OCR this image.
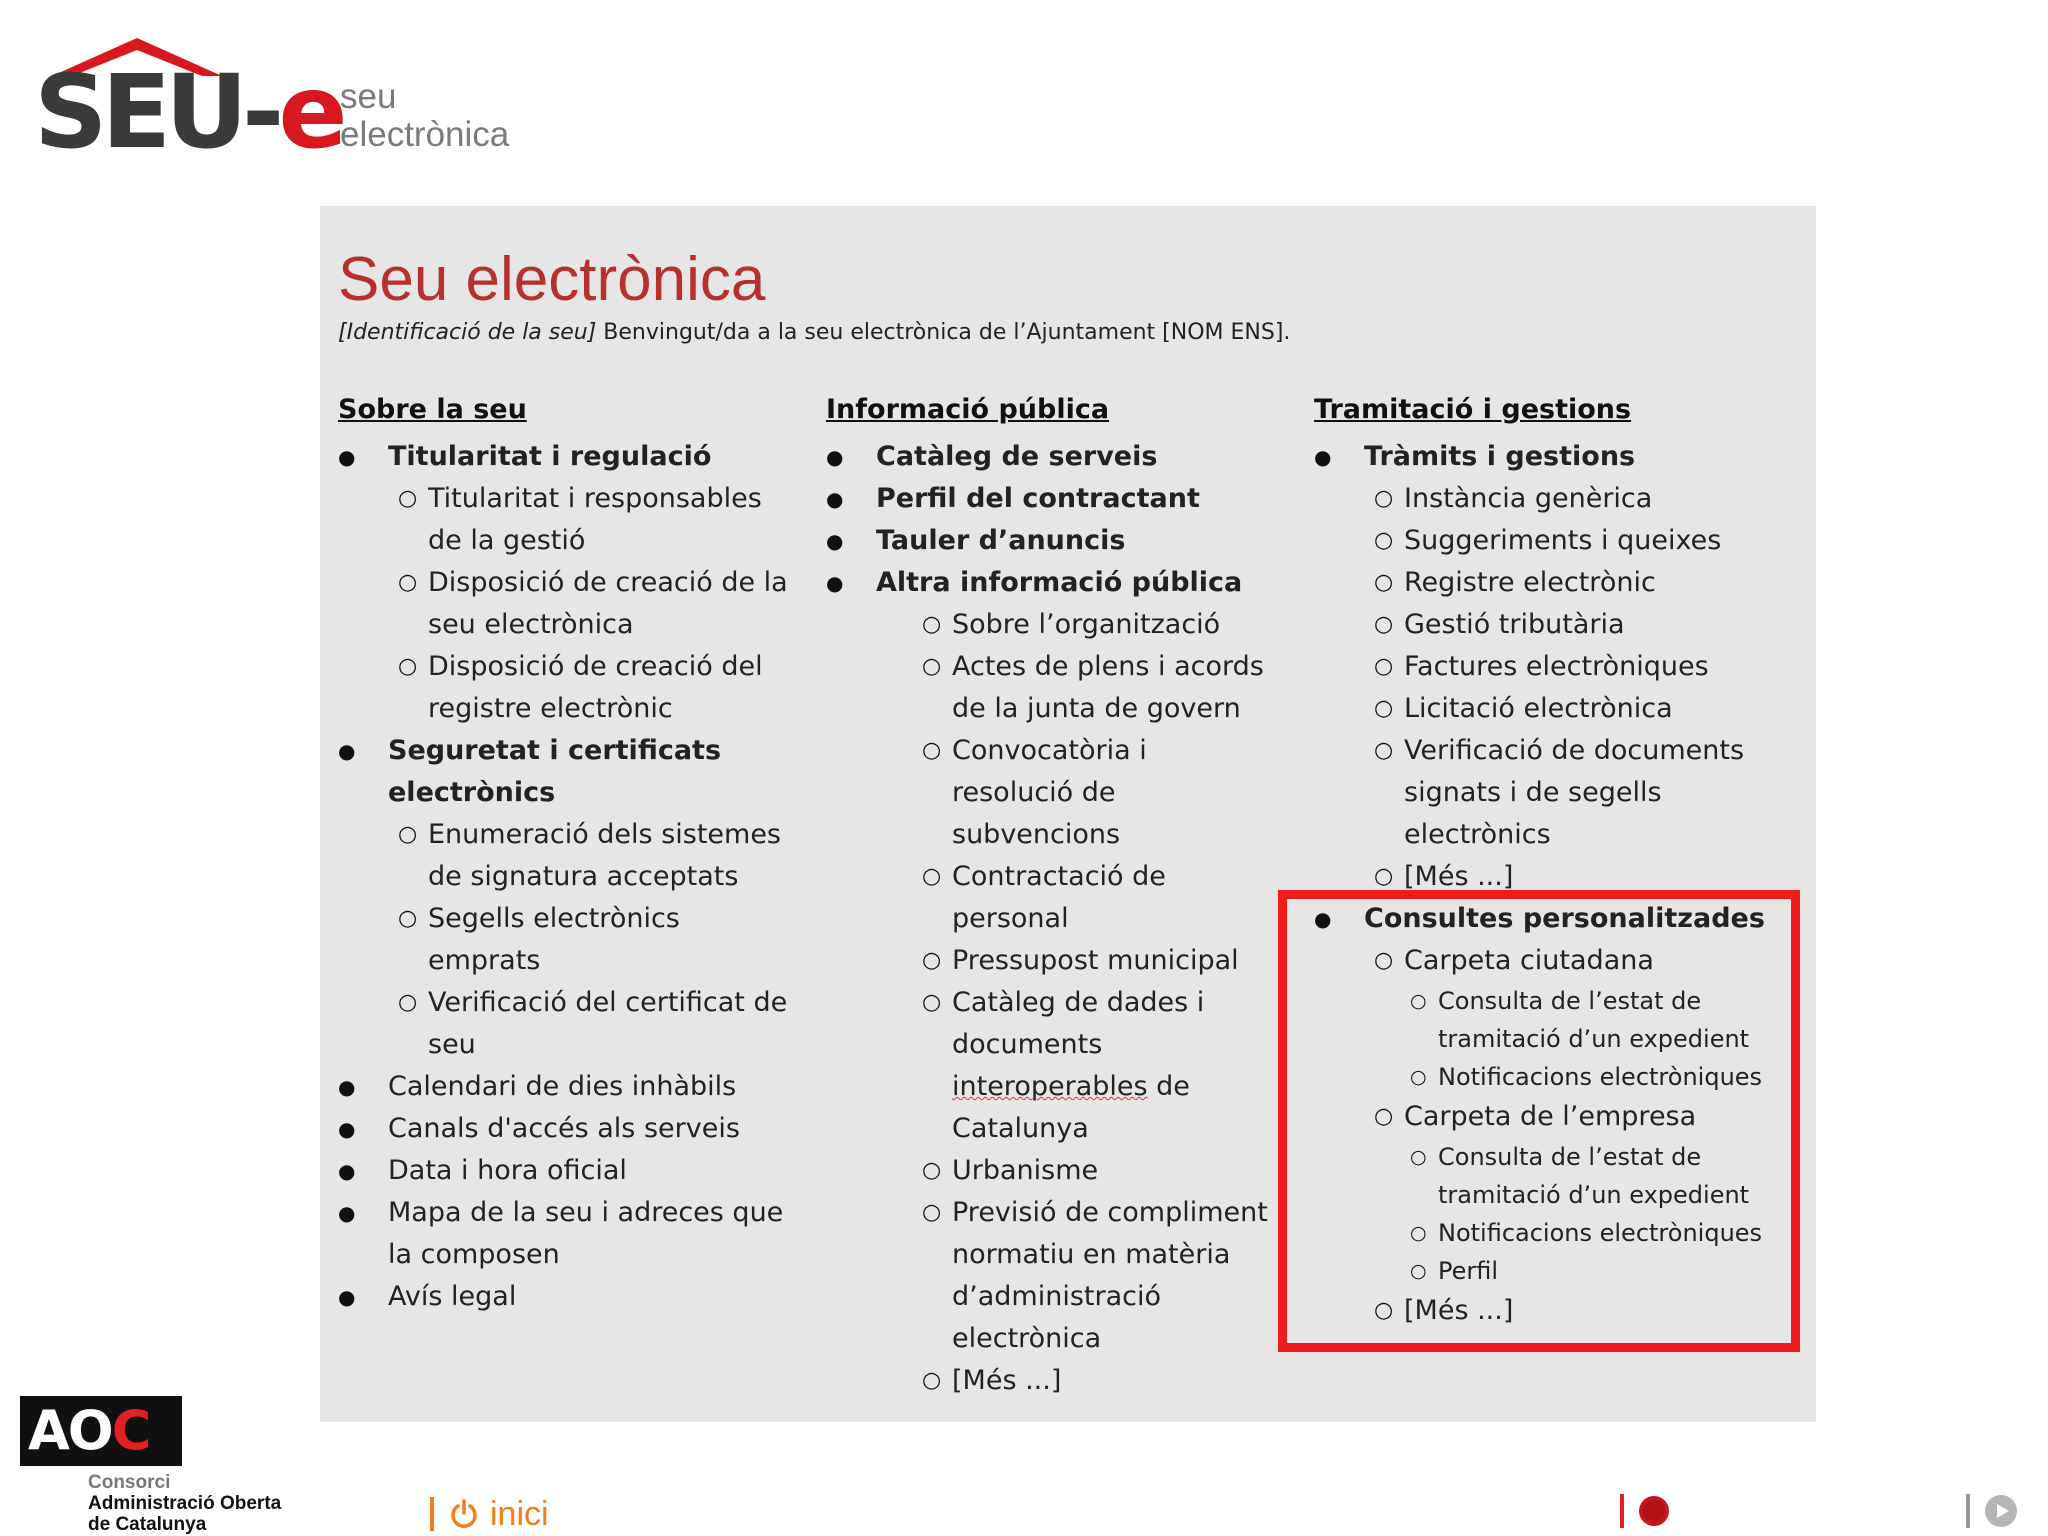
SEU-e
seu
electrònica
Seu electrònica
[Identificació de la seu] Benvingut/da a la seu electrònica de l’Ajuntament [NOM ENS].
Sobre la seu
● Titularitat i regulació
○ Titularitat i responsables de la gestió
○ Disposició de creació de la seu electrònica
○ Disposició de creació del registre electrònic
● Seguretat i certificats electrònics
○ Enumeració dels sistemes de signatura acceptats
○ Segells electrònics emprats
○ Verificació del certificat de seu
● Calendari de dies inhàbils
● Canals d'accés als serveis
● Data i hora oficial
● Mapa de la seu i adreces que la composen
● Avís legal
Informació pública
● Catàleg de serveis
● Perfil del contractant
● Tauler d’anuncis
● Altra informació pública
○ Sobre l’organització
○ Actes de plens i acords de la junta de govern
○ Convocatòria i resolució de subvencions
○ Contractació de personal
○ Pressupost municipal
○ Catàleg de dades i documents interoperables de Catalunya
○ Urbanisme
○ Previsió de compliment normatiu en matèria d’administració electrònica
○ [Més ...]
Tramitació i gestions
● Tràmits i gestions
○ Instància genèrica
○ Suggeriments i queixes
○ Registre electrònic
○ Gestió tributària
○ Factures electròniques
○ Licitació electrònica
○ Verificació de documents signats i de segells electrònics
○ [Més ...]
● Consultes personalitzades
○ Carpeta ciutadana
○ Consulta de l’estat de tramitació d’un expedient
○ Notificacions electròniques
○ Carpeta de l’empresa
○ Consulta de l’estat de tramitació d’un expedient
○ Notificacions electròniques
○ Perfil
○ [Més ...]
AOC
Consorci
Administració Oberta
de Catalunya	inici
